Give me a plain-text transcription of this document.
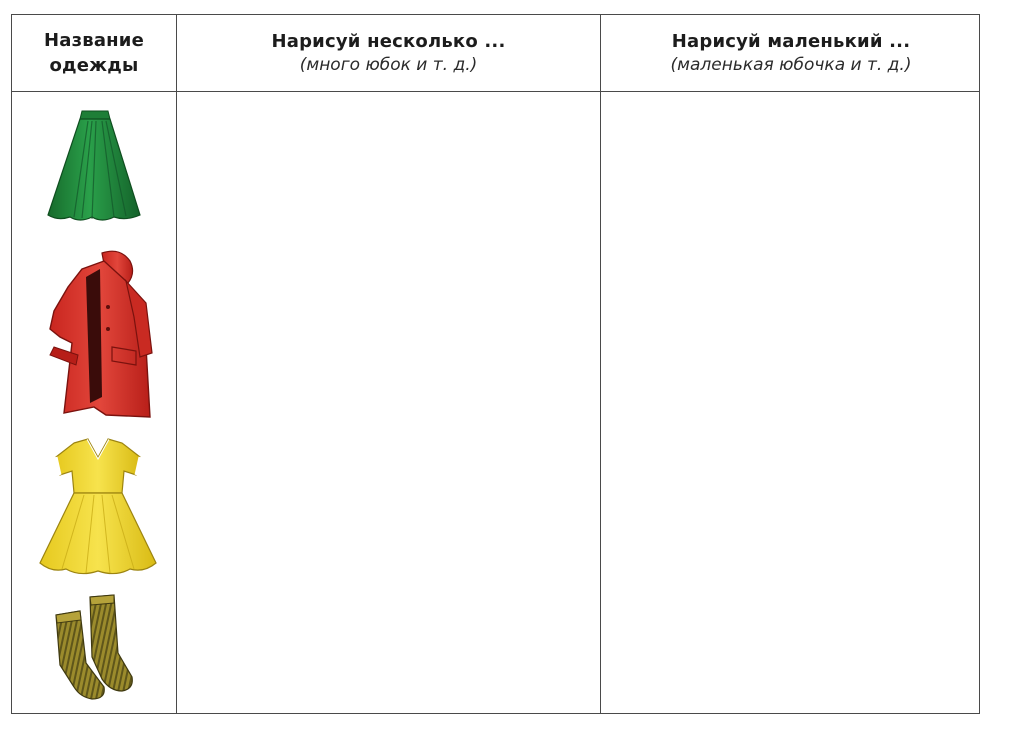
Название
одежды
Нарисуй несколько ...
(много юбок и т. д.)
Нарисуй маленький ...
(маленькая юбочка и т. д.)
